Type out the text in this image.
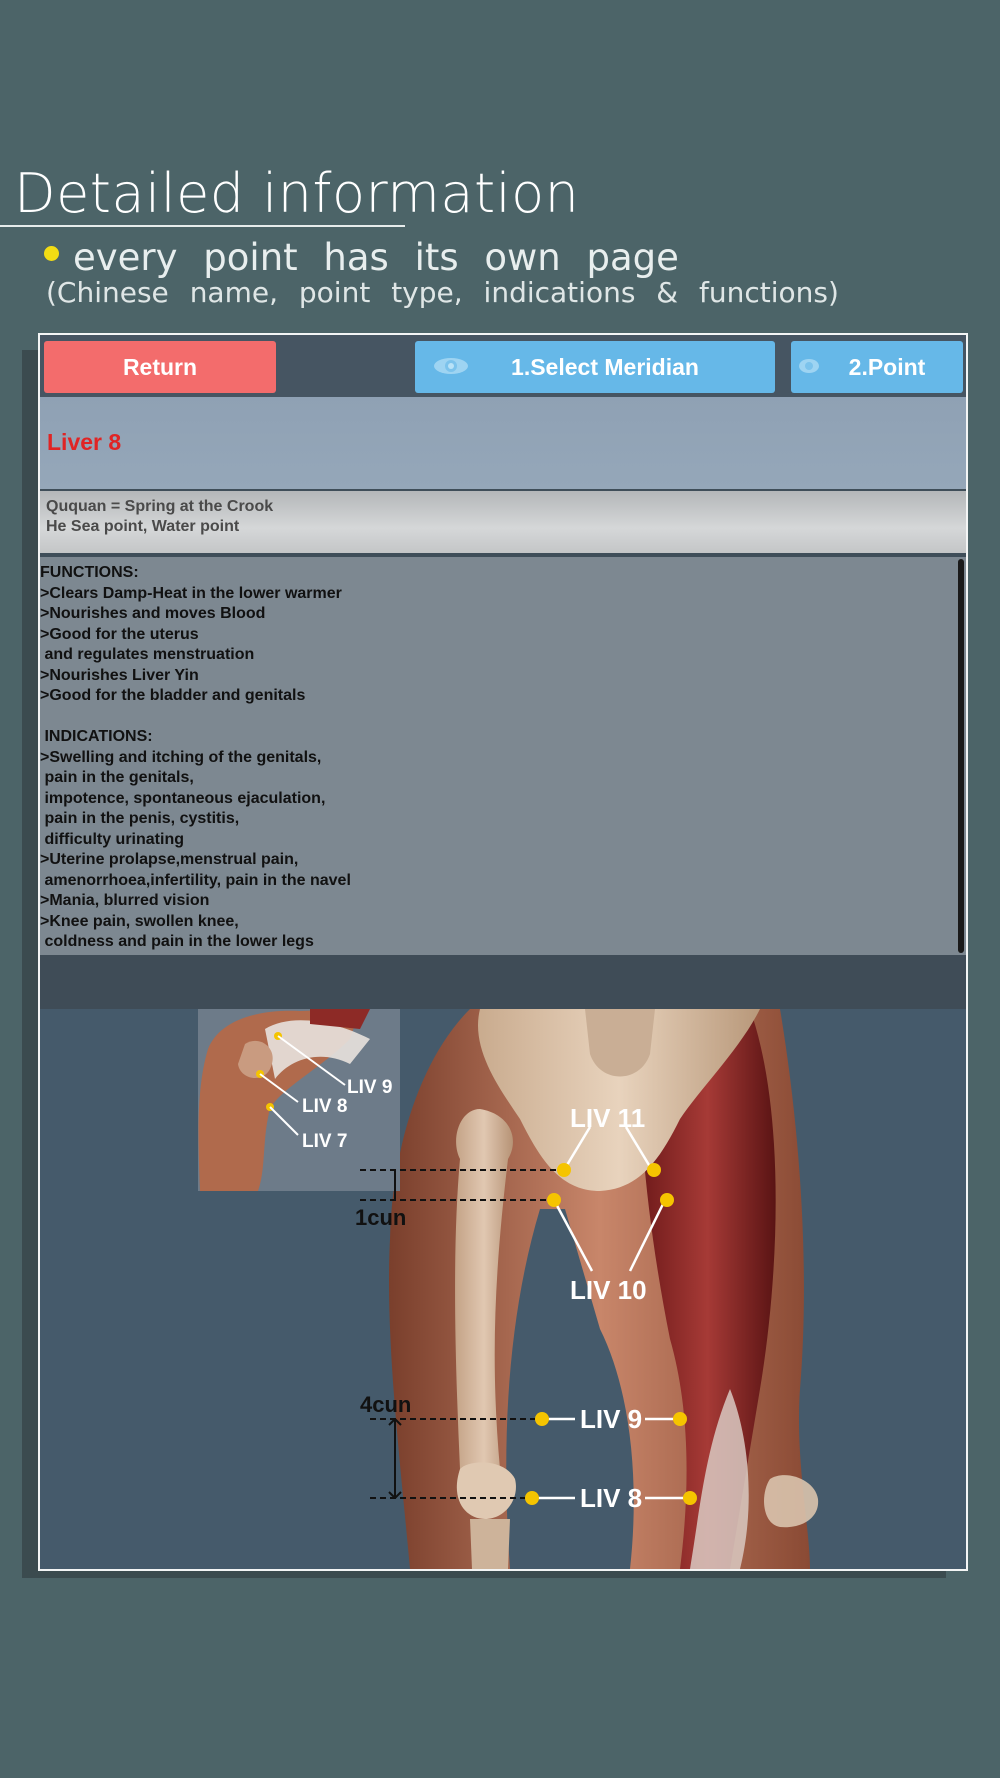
Detailed information
every point has its own page
(Chinese name, point type, indications & functions)
Return	1.Select Meridian	2.Point
Liver 8
Ququan = Spring at the Crook
He Sea point, Water point
FUNCTIONS:
>Clears Damp-Heat in the lower warmer
>Nourishes and moves Blood
>Good for the uterus
and regulates menstruation
>Nourishes Liver Yin
>Good for the bladder and genitals

INDICATIONS:
>Swelling and itching of the genitals,
pain in the genitals,
impotence, spontaneous ejaculation,
pain in the penis, cystitis,
difficulty urinating
>Uterine prolapse,menstrual pain,
amenorrhoea,infertility, pain in the navel
>Mania, blurred vision
>Knee pain, swollen knee,
coldness and pain in the lower legs
LIV 9
LIV 8
LIV 7
1cun
4cun
LIV 11
LIV 10
LIV 9
LIV 8
